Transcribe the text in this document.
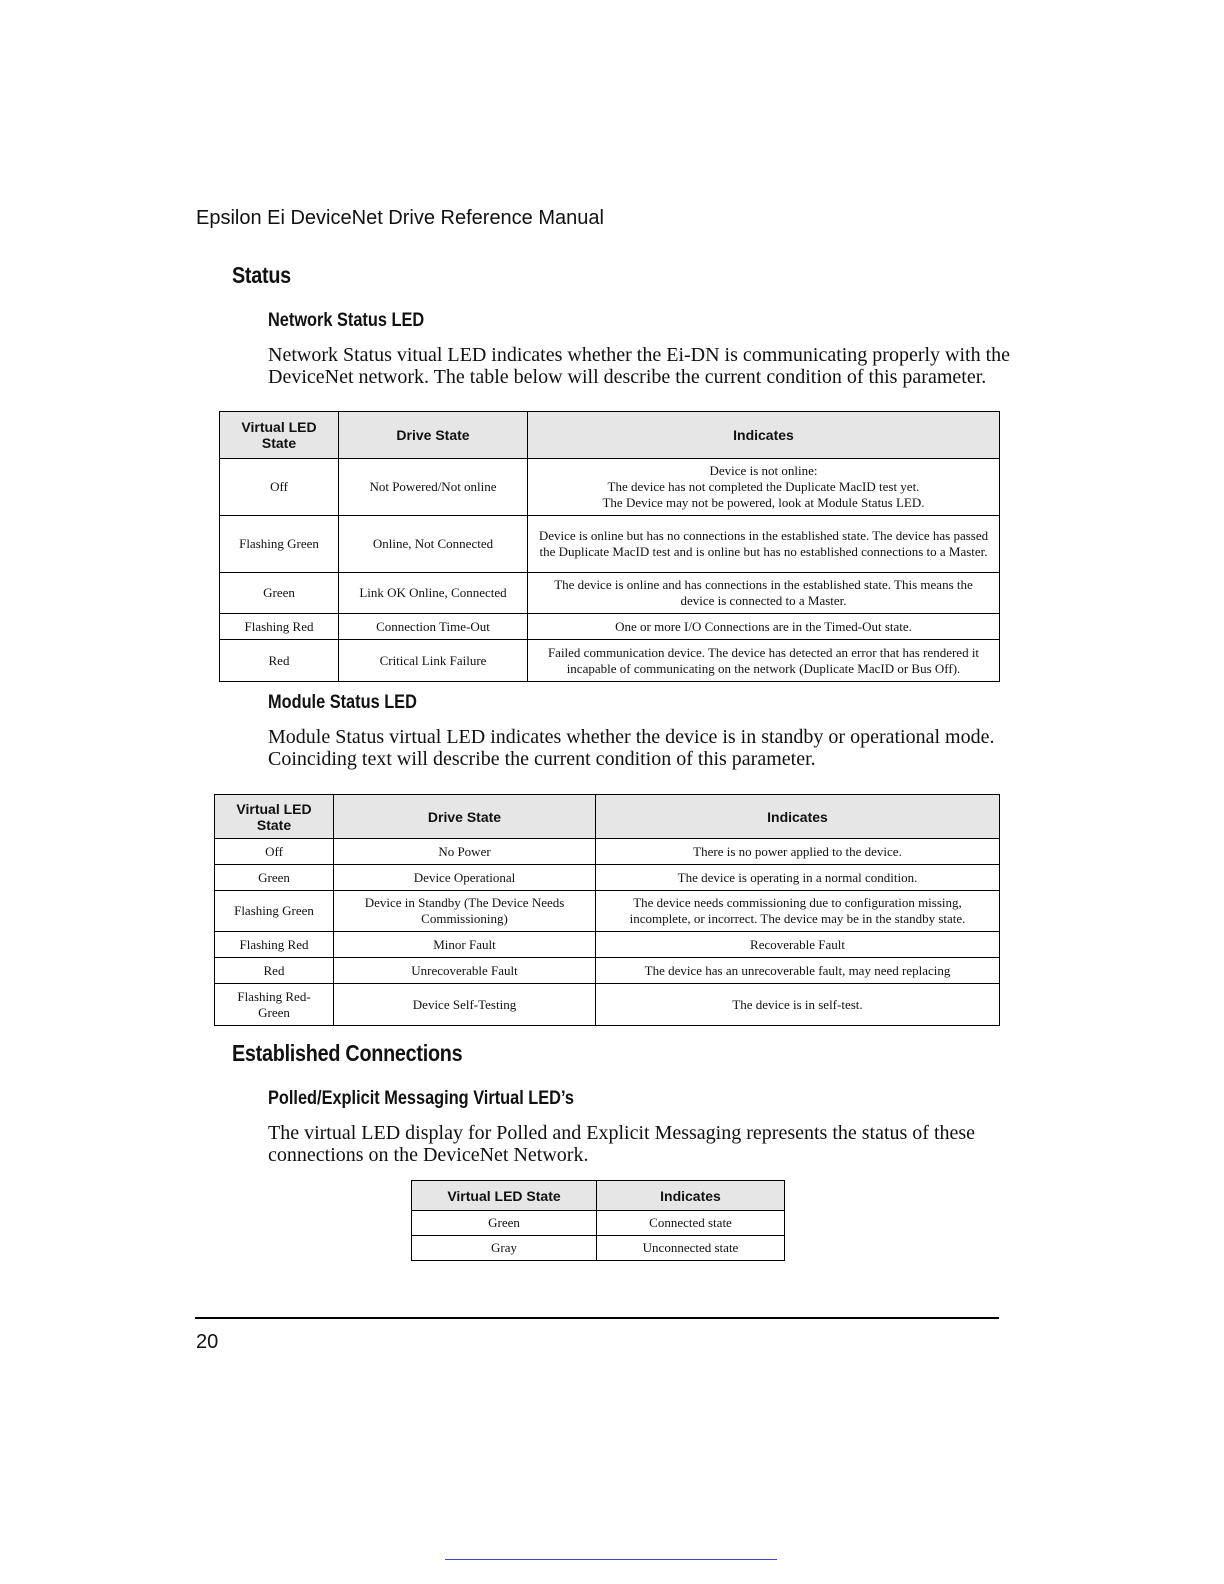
Epsilon Ei DeviceNet Drive Reference Manual
Status
Network Status LED
Network Status vitual LED indicates whether the Ei-DN is communicating properly with the
DeviceNet network. The table below will describe the current condition of this parameter.
Virtual LED
State	Drive State	Indicates
Off	Not Powered/Not online	Device is not online:
The device has not completed the Duplicate MacID test yet.
The Device may not be powered, look at Module Status LED.

Flashing Green	Online, Not Connected	Device is online but has no connections in the established state. The device has passed the Duplicate MacID test and is online but has no established connections to a Master.
Green	Link OK Online, Connected	The device is online and has connections in the established state. This means the device is connected to a Master.
Flashing Red	Connection Time-Out	One or more I/O Connections are in the Timed-Out state.
Red	Critical Link Failure	Failed communication device. The device has detected an error that has rendered it incapable of communicating on the network (Duplicate MacID or Bus Off).
Module Status LED
Module Status virtual LED indicates whether the device is in standby or operational mode.
Coinciding text will describe the current condition of this parameter.
Virtual LED
State	Drive State	Indicates
Off	No Power	There is no power applied to the device.
Green	Device Operational	The device is operating in a normal condition.
Flashing Green	Device in Standby (The Device Needs Commissioning)	The device needs commissioning due to configuration missing, incomplete, or incorrect. The device may be in the standby state.
Flashing Red	Minor Fault	Recoverable Fault
Red	Unrecoverable Fault	The device has an unrecoverable fault, may need replacing
Flashing Red-Green	Device Self-Testing	The device is in self-test.
Established Connections
Polled/Explicit Messaging Virtual LED’s
The virtual LED display for Polled and Explicit Messaging represents the status of these
connections on the DeviceNet Network.
Virtual LED State	Indicates
Green	Connected state
Gray	Unconnected state
20
